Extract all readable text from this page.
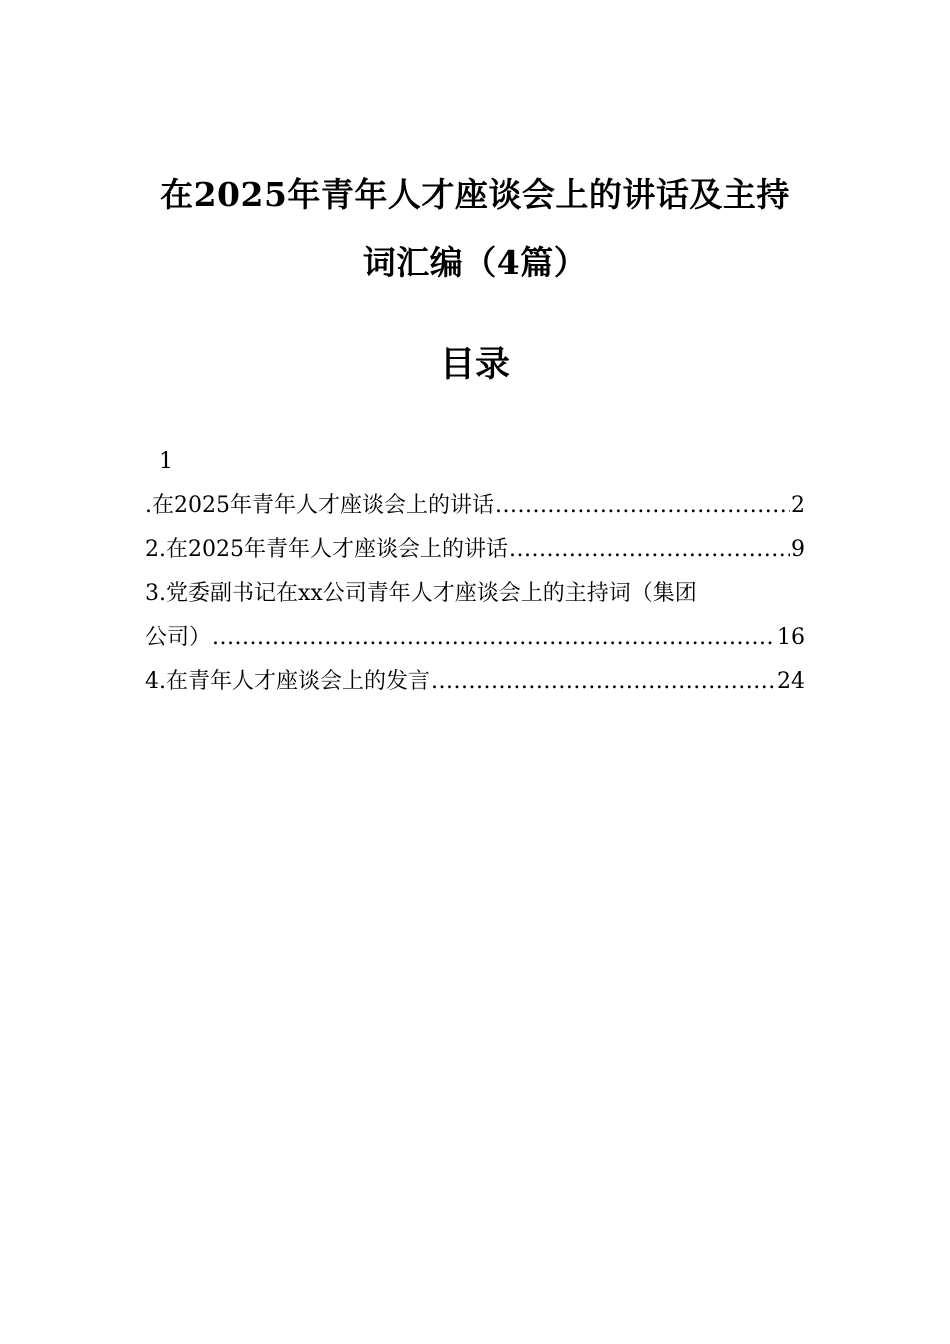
在2025年青年人才座谈会上的讲话及主持
词汇编（4篇）
目录
1
.在2025年青年人才座谈会上的讲话 .....	2
2.在2025年青年人才座谈会上的讲话 .....	9
3.党委副书记在xx公司青年人才座谈会上的主持词（集团
公司） .....	16
4.在青年人才座谈会上的发言 .....	24
